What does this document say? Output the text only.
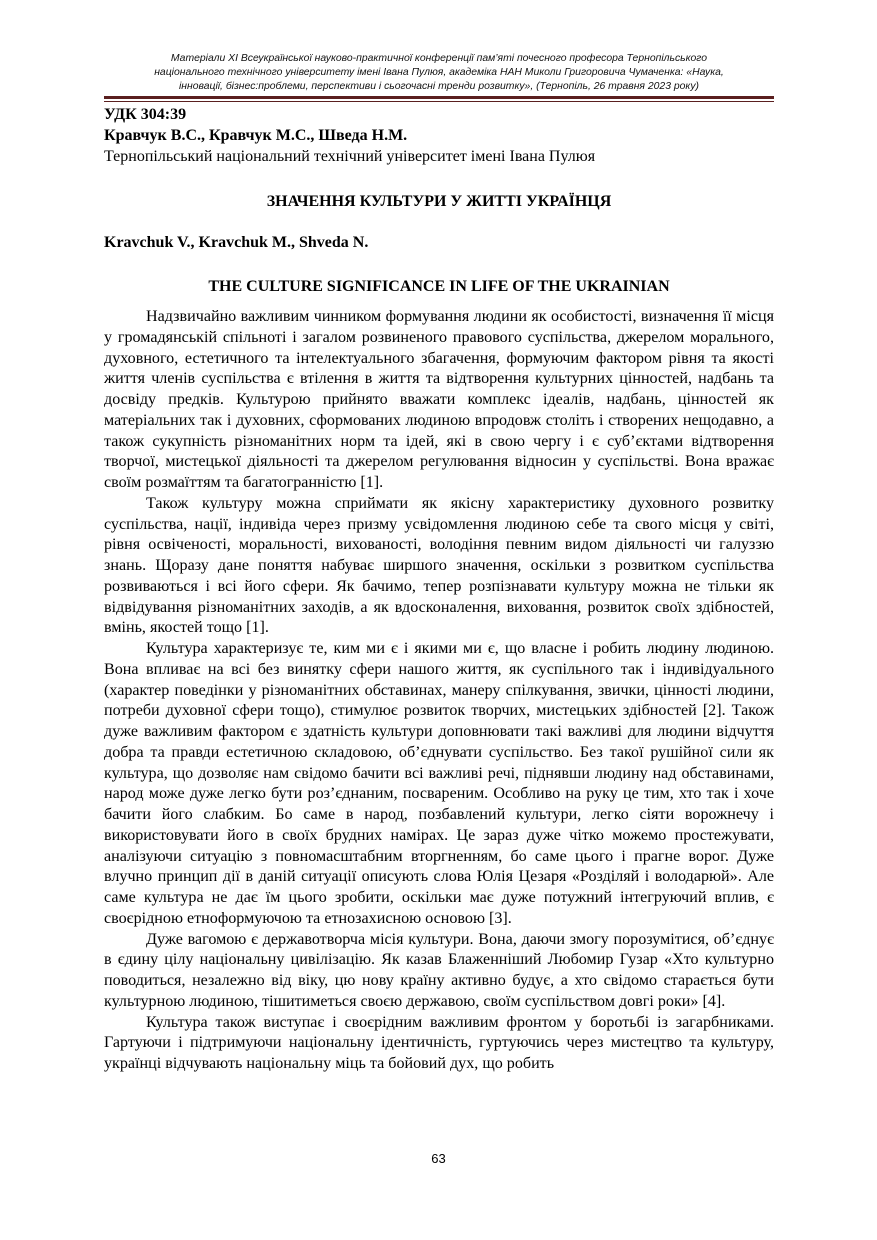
Матеріали XI Всеукраїнської науково-практичної конференції пам’яті почесного професора Тернопільського
національного технічного університету імені Івана Пулюя, академіка НАН Миколи Григоровича Чумаченка: «Наука,
інновації, бізнес:проблеми, перспективи і сьогочасні тренди розвитку», (Тернопіль, 26 травня 2023 року)
УДК 304:39
Кравчук В.С., Кравчук М.С., Шведа Н.М.
Тернопільський національний технічний університет імені Івана Пулюя
ЗНАЧЕННЯ КУЛЬТУРИ У ЖИТТІ УКРАЇНЦЯ
Kravchuk V., Kravchuk M., Shveda N.
THE CULTURE SIGNIFICANCE IN LIFE OF THE UKRAINIAN

Надзвичайно важливим чинником формування людини як особистості, визначення її місця у громадянській спільноті і загалом розвиненого правового суспільства, джерелом морального, духовного, естетичного та інтелектуального збагачення, формуючим фактором рівня та якості життя членів суспільства є втілення в життя та відтворення культурних цінностей, надбань та досвіду предків. Культурою прийнято вважати комплекс ідеалів, надбань, цінностей як матеріальних так і духовних, сформованих людиною впродовж століть і створених нещодавно, а також сукупність різноманітних норм та ідей, які в свою чергу і є суб’єктами відтворення творчої, мистецької діяльності та джерелом регулювання відносин у суспільстві. Вона вражає своїм розмаїттям та багатогранністю [1].

Також культуру можна сприймати як якісну характеристику духовного розвитку суспільства, нації, індивіда через призму усвідомлення людиною себе та свого місця у світі, рівня освіченості, моральності, вихованості, володіння певним видом діяльності чи галуззю знань. Щоразу дане поняття набуває ширшого значення, оскільки з розвитком суспільства розвиваються і всі його сфери. Як бачимо, тепер розпізнавати культуру можна не тільки як відвідування різноманітних заходів, а як вдосконалення, виховання, розвиток своїх здібностей, вмінь, якостей тощо [1].

Культура характеризує те, ким ми є і якими ми є, що власне і робить людину людиною. Вона впливає на всі без винятку сфери нашого життя, як суспільного так і індивідуального (характер поведінки у різноманітних обставинах, манеру спілкування, звички, цінності людини, потреби духовної сфери тощо), стимулює розвиток творчих, мистецьких здібностей [2]. Також дуже важливим фактором є здатність культури доповнювати такі важливі для людини відчуття добра та правди естетичною складовою, об’єднувати суспільство. Без такої рушійної сили як культура, що дозволяє нам свідомо бачити всі важливі речі, піднявши людину над обставинами, народ може дуже легко бути роз’єднаним, посвареним. Особливо на руку це тим, хто так і хоче бачити його слабким. Бо саме в народ, позбавлений культури, легко сіяти ворожнечу і використовувати його в своїх брудних намірах. Це зараз дуже чітко можемо простежувати, аналізуючи ситуацію з повномасштабним вторгненням, бо саме цього і прагне ворог. Дуже влучно принцип дії в даній ситуації описують слова Юлія Цезаря «Розділяй і володарюй». Але саме культура не дає їм цього зробити, оскільки має дуже потужний інтегруючий вплив, є своєрідною етноформуючою та етнозахисною основою [3].

Дуже вагомою є державотворча місія культури. Вона, даючи змогу порозумітися, об’єднує в єдину цілу національну цивілізацію. Як казав Блаженніший Любомир Гузар «Хто культурно поводиться, незалежно від віку, цю нову країну активно будує, а хто свідомо старається бути культурною людиною, тішитиметься своєю державою, своїм суспільством довгі роки» [4].

Культура також виступає і своєрідним важливим фронтом у боротьбі із загарбниками. Гартуючи і підтримуючи національну ідентичність, гуртуючись через мистецтво та культуру, українці відчувають національну міць та бойовий дух, що робить

63
